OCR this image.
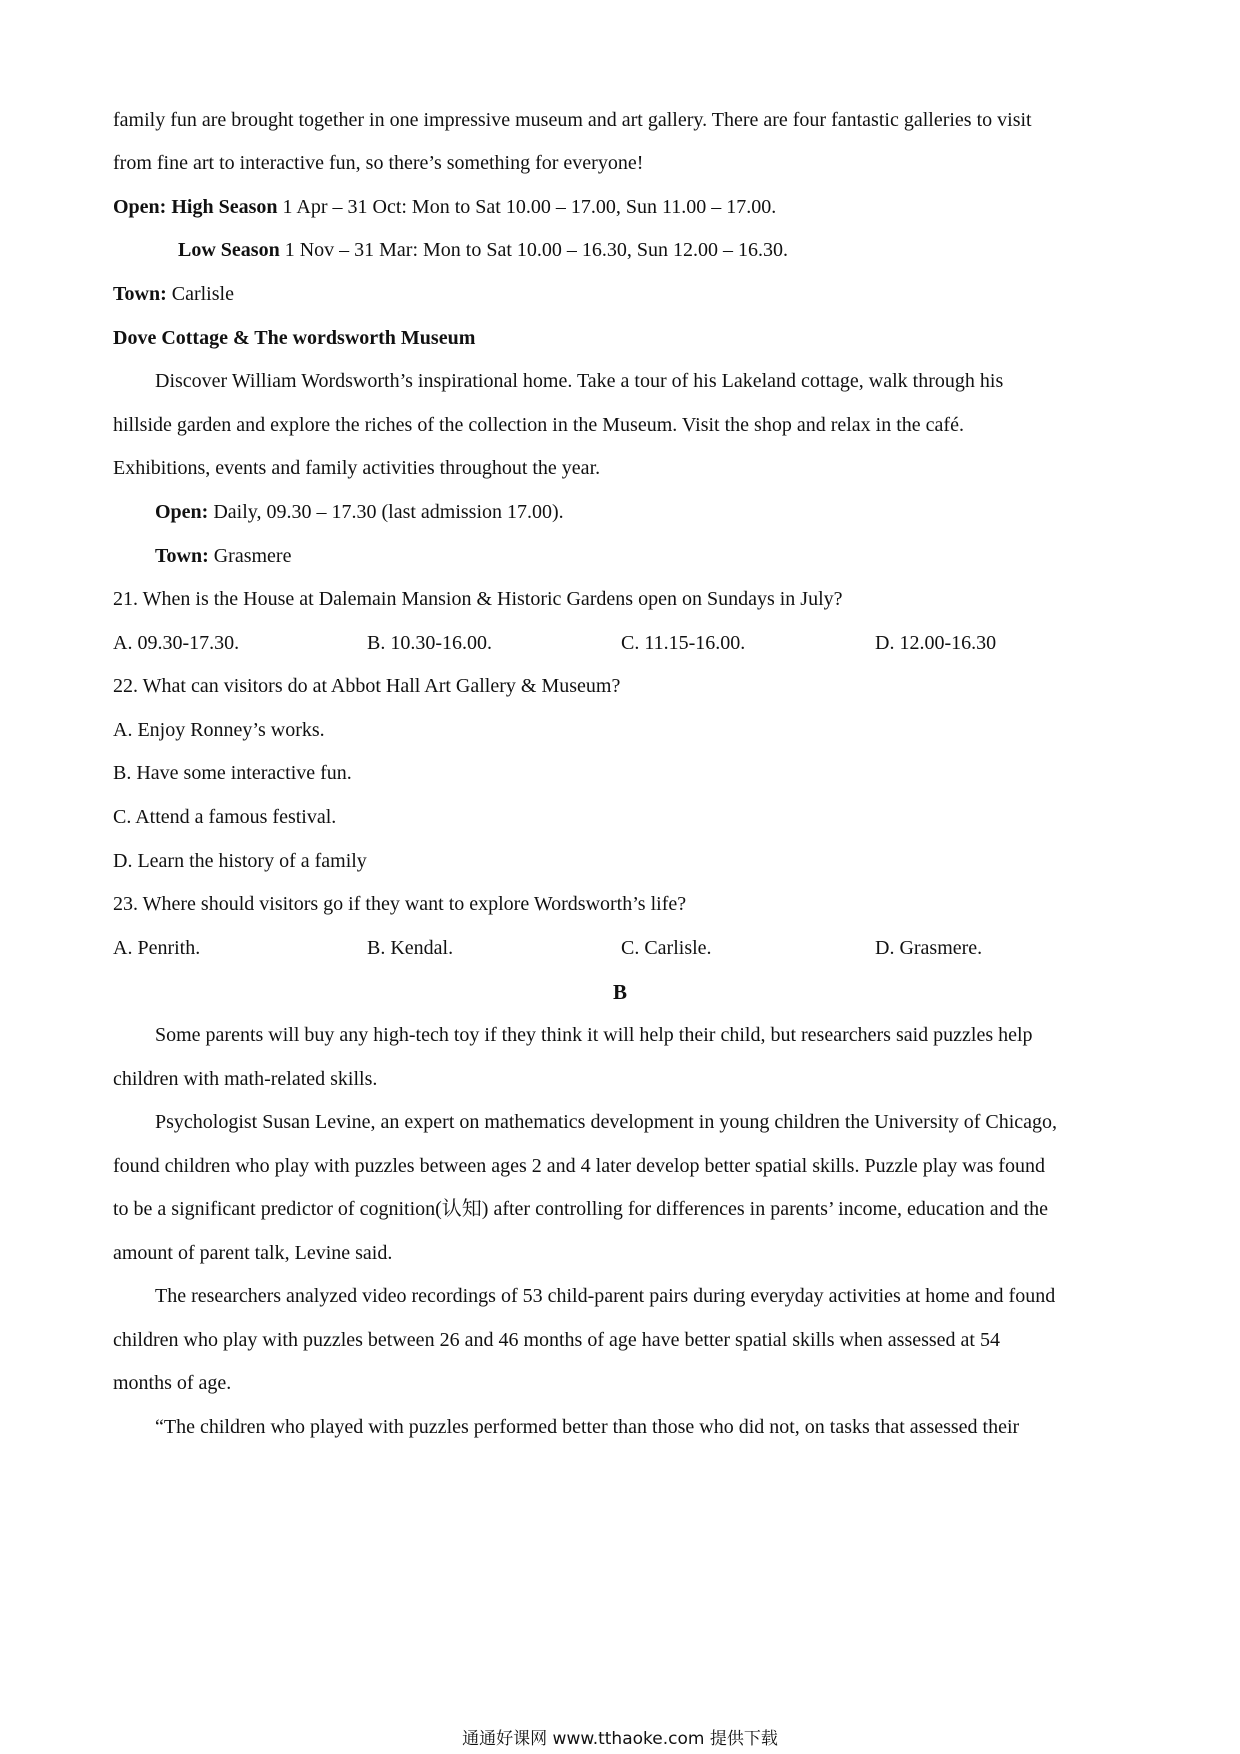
family fun are brought together in one impressive museum and art gallery. There are four fantastic galleries to visit
from fine art to interactive fun, so there’s something for everyone!
Open: High Season 1 Apr – 31 Oct: Mon to Sat 10.00 – 17.00, Sun 11.00 – 17.00.
Low Season 1 Nov – 31 Mar: Mon to Sat 10.00 – 16.30, Sun 12.00 – 16.30.
Town: Carlisle
Dove Cottage & The wordsworth Museum
Discover William Wordsworth’s inspirational home. Take a tour of his Lakeland cottage, walk through his
hillside garden and explore the riches of the collection in the Museum. Visit the shop and relax in the café.
Exhibitions, events and family activities throughout the year.
Open: Daily, 09.30 – 17.30 (last admission 17.00).
Town: Grasmere
21. When is the House at Dalemain Mansion & Historic Gardens open on Sundays in July?
A. 09.30-17.30.	B. 10.30-16.00.	C. 11.15-16.00.	D. 12.00-16.30
22. What can visitors do at Abbot Hall Art Gallery & Museum?
A. Enjoy Ronney’s works.
B. Have some interactive fun.
C. Attend a famous festival.
D. Learn the history of a family
23. Where should visitors go if they want to explore Wordsworth’s life?
A. Penrith.	B. Kendal.	C. Carlisle.	D. Grasmere.
B
Some parents will buy any high-tech toy if they think it will help their child, but researchers said puzzles help
children with math-related skills.
Psychologist Susan Levine, an expert on mathematics development in young children the University of Chicago,
found children who play with puzzles between ages 2 and 4 later develop better spatial skills. Puzzle play was found
to be a significant predictor of cognition(认知) after controlling for differences in parents’ income, education and the
amount of parent talk, Levine said.
The researchers analyzed video recordings of 53 child-parent pairs during everyday activities at home and found
children who play with puzzles between 26 and 46 months of age have better spatial skills when assessed at 54
months of age.
“The children who played with puzzles performed better than those who did not, on tasks that assessed their
通通好课网 www.tthaoke.com 提供下载
